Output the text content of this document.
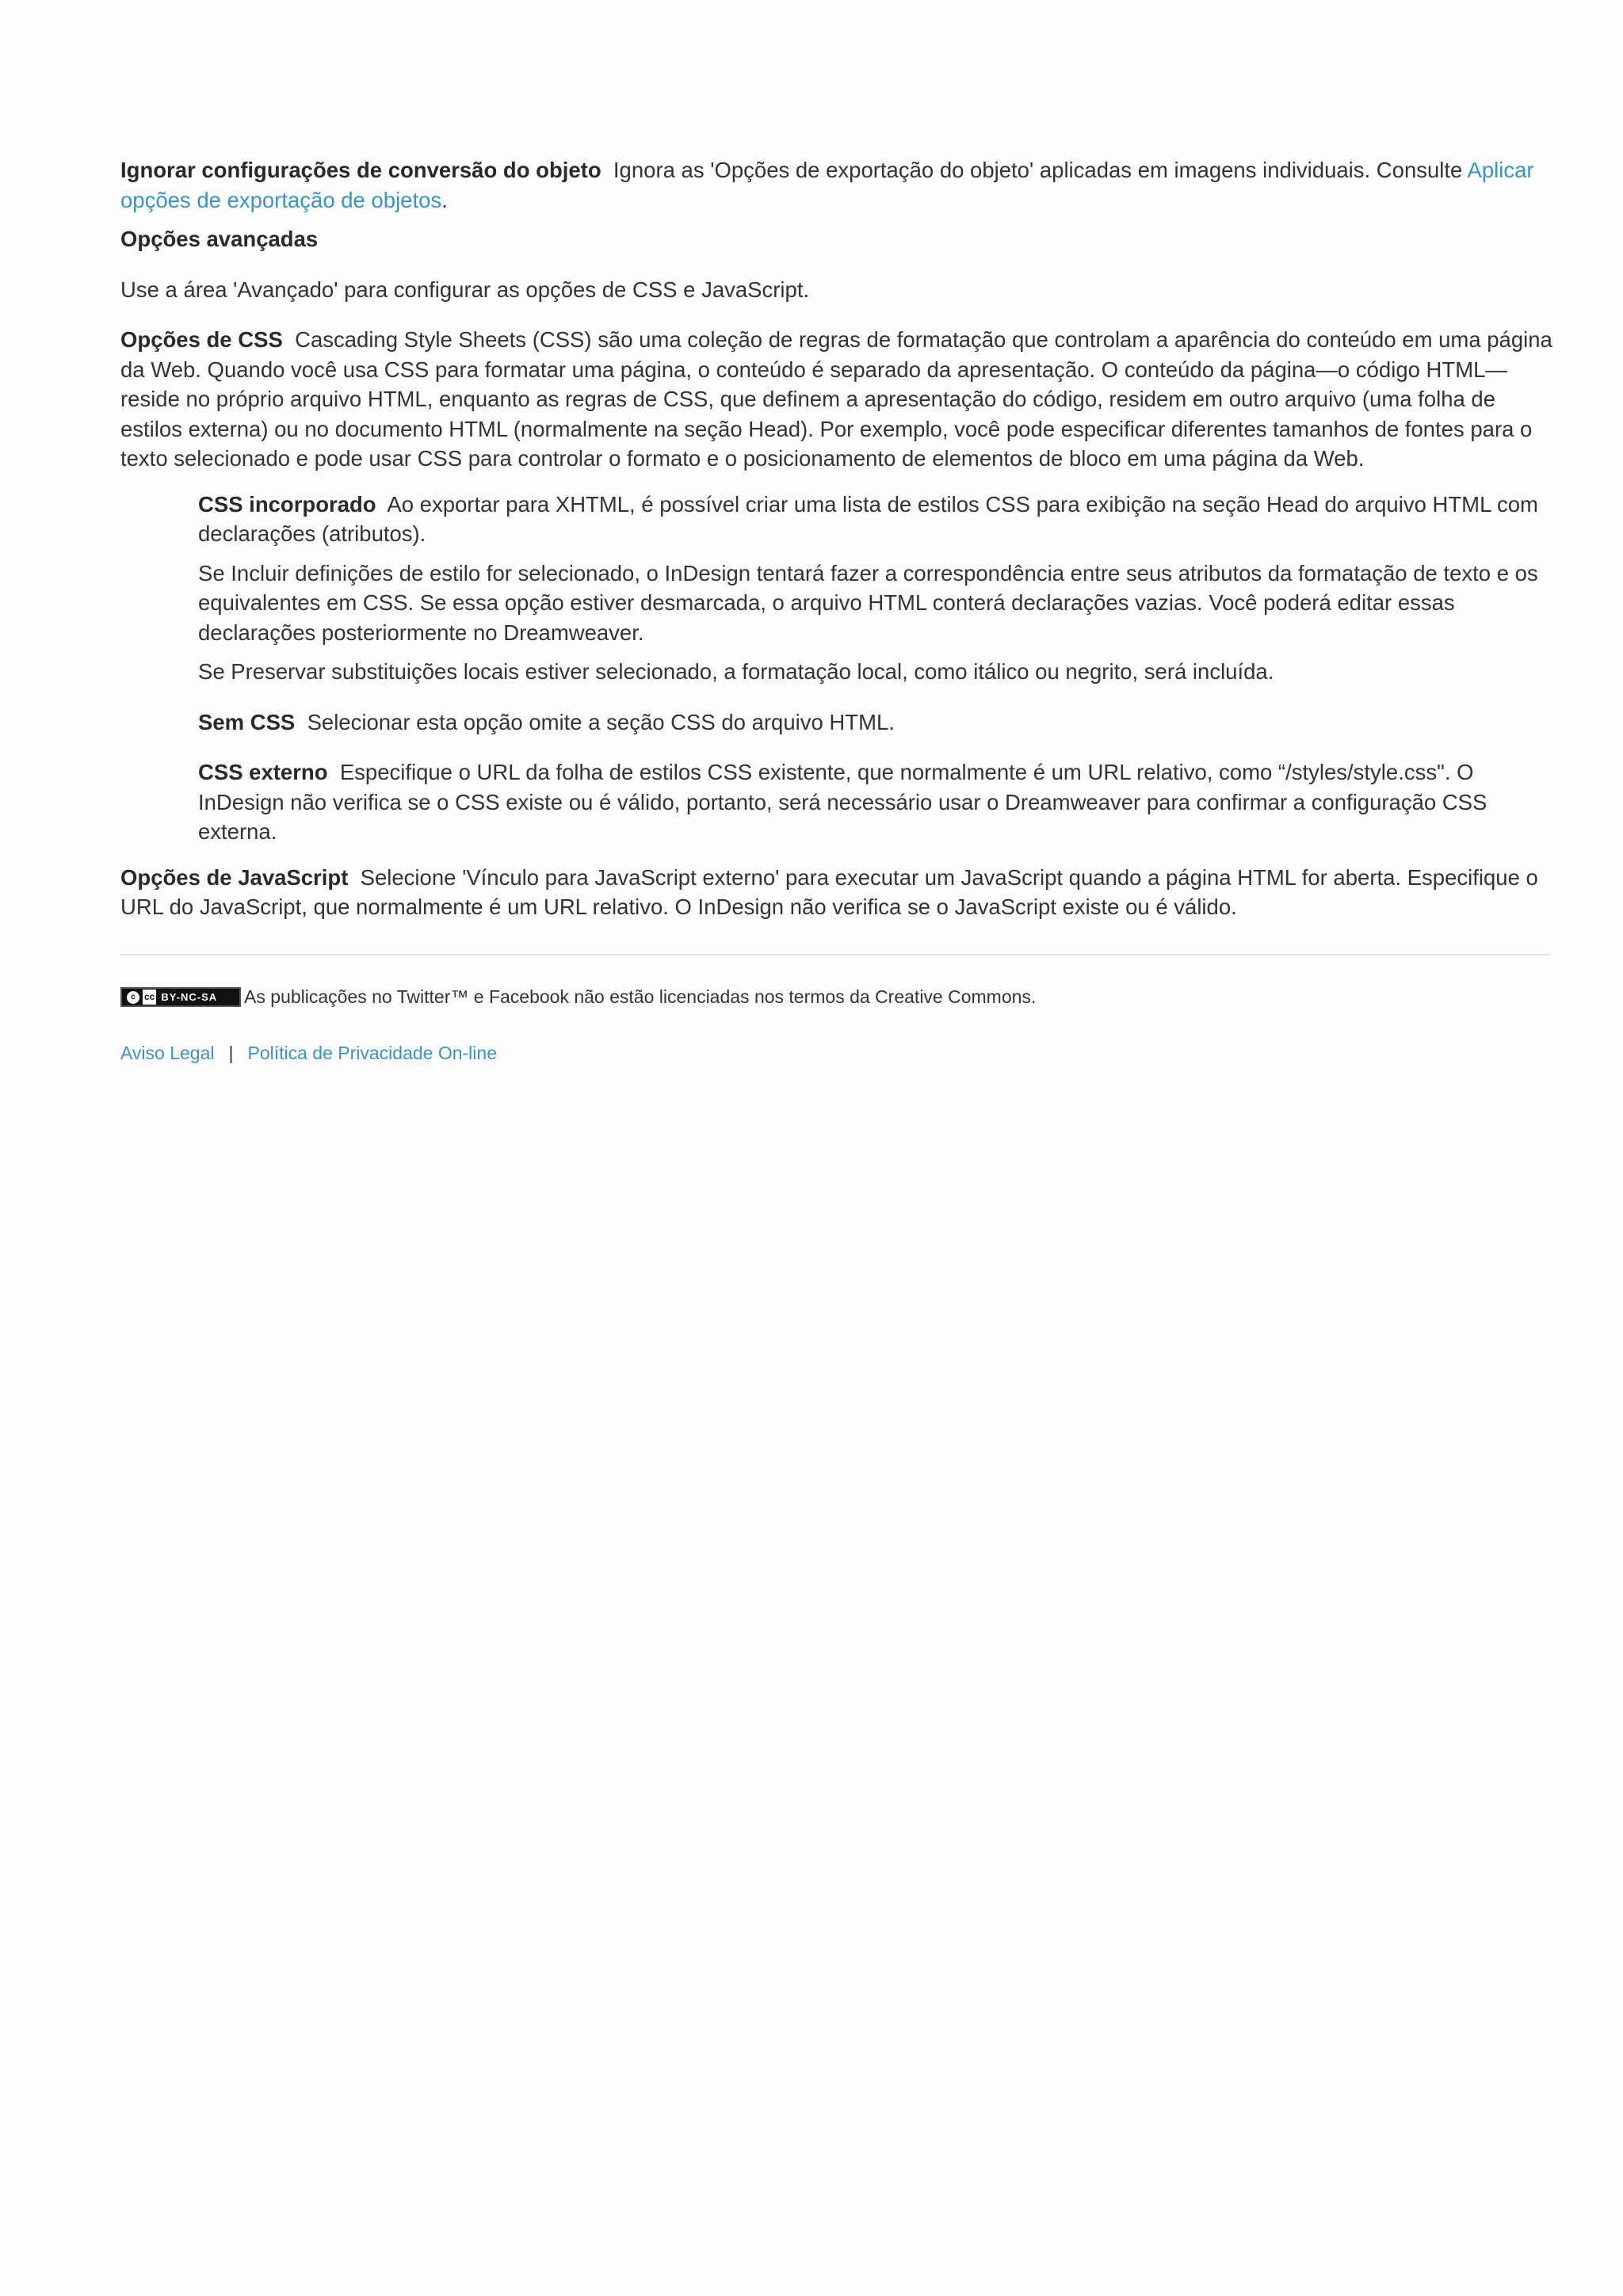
Ignorar configurações de conversão do objeto Ignora as 'Opções de exportação do objeto' aplicadas em imagens individuais. Consulte Aplicar opções de exportação de objetos.

Opções avançadas

Use a área 'Avançado' para configurar as opções de CSS e JavaScript.

Opções de CSS Cascading Style Sheets (CSS) são uma coleção de regras de formatação que controlam a aparência do conteúdo em uma página da Web. Quando você usa CSS para formatar uma página, o conteúdo é separado da apresentação. O conteúdo da página—o código HTML—reside no próprio arquivo HTML, enquanto as regras de CSS, que definem a apresentação do código, residem em outro arquivo (uma folha de estilos externa) ou no documento HTML (normalmente na seção Head). Por exemplo, você pode especificar diferentes tamanhos de fontes para o texto selecionado e pode usar CSS para controlar o formato e o posicionamento de elementos de bloco em uma página da Web.

CSS incorporado Ao exportar para XHTML, é possível criar uma lista de estilos CSS para exibição na seção Head do arquivo HTML com declarações (atributos).

Se Incluir definições de estilo for selecionado, o InDesign tentará fazer a correspondência entre seus atributos da formatação de texto e os equivalentes em CSS. Se essa opção estiver desmarcada, o arquivo HTML conterá declarações vazias. Você poderá editar essas declarações posteriormente no Dreamweaver.

Se Preservar substituições locais estiver selecionado, a formatação local, como itálico ou negrito, será incluída.

Sem CSS Selecionar esta opção omite a seção CSS do arquivo HTML.

CSS externo Especifique o URL da folha de estilos CSS existente, que normalmente é um URL relativo, como “/styles/style.css". O InDesign não verifica se o CSS existe ou é válido, portanto, será necessário usar o Dreamweaver para confirmar a configuração CSS externa.

Opções de JavaScript Selecione 'Vínculo para JavaScript externo' para executar um JavaScript quando a página HTML for aberta. Especifique o URL do JavaScript, que normalmente é um URL relativo. O InDesign não verifica se o JavaScript existe ou é válido.

c cc BY-NC-SA As publicações no Twitter™ e Facebook não estão licenciadas nos termos da Creative Commons.
Aviso Legal | Política de Privacidade On-line
